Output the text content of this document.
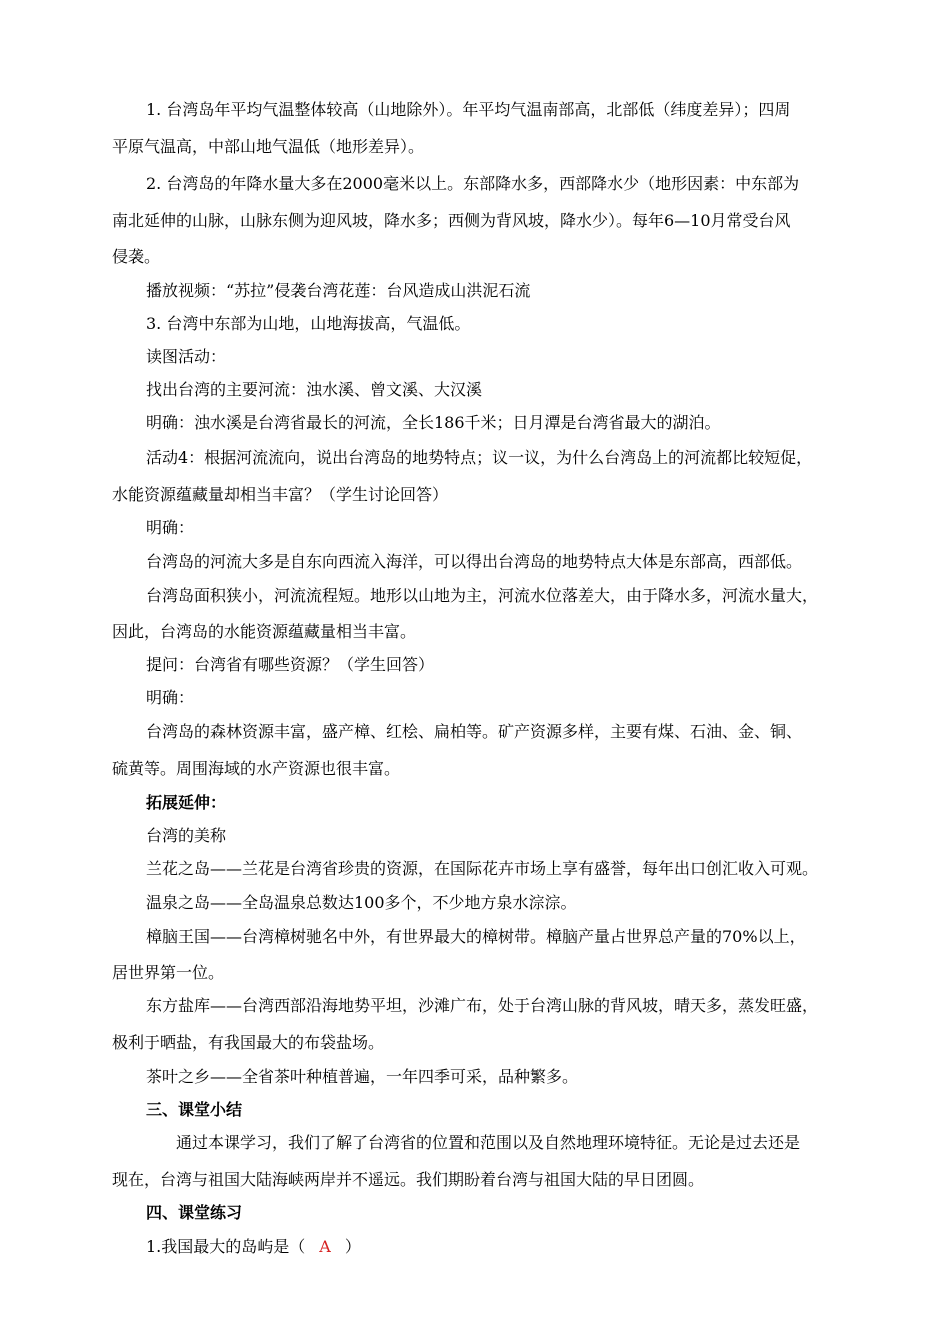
1. 台湾岛年平均气温整体较高（山地除外）。年平均气温南部高，北部低（纬度差异）；四周
平原气温高，中部山地气温低（地形差异）。
2. 台湾岛的年降水量大多在2000毫米以上。东部降水多，西部降水少（地形因素：中东部为
南北延伸的山脉，山脉东侧为迎风坡，降水多；西侧为背风坡，降水少）。每年6—10月常受台风
侵袭。
播放视频：“苏拉”侵袭台湾花莲：台风造成山洪泥石流
3. 台湾中东部为山地，山地海拔高，气温低。
读图活动：
找出台湾的主要河流：浊水溪、曾文溪、大汉溪
明确：浊水溪是台湾省最长的河流，全长186千米；日月潭是台湾省最大的湖泊。
活动4：根据河流流向，说出台湾岛的地势特点；议一议，为什么台湾岛上的河流都比较短促，
水能资源蕴藏量却相当丰富？（学生讨论回答）
明确：
台湾岛的河流大多是自东向西流入海洋，可以得出台湾岛的地势特点大体是东部高，西部低。
台湾岛面积狭小，河流流程短。地形以山地为主，河流水位落差大，由于降水多，河流水量大，
因此，台湾岛的水能资源蕴藏量相当丰富。
提问：台湾省有哪些资源？（学生回答）
明确：
台湾岛的森林资源丰富，盛产樟、红桧、扁柏等。矿产资源多样，主要有煤、石油、金、铜、
硫黄等。周围海域的水产资源也很丰富。
拓展延伸：
台湾的美称
兰花之岛——兰花是台湾省珍贵的资源，在国际花卉市场上享有盛誉，每年出口创汇收入可观。
温泉之岛——全岛温泉总数达100多个，不少地方泉水淙淙。
樟脑王国——台湾樟树驰名中外，有世界最大的樟树带。樟脑产量占世界总产量的70%以上，
居世界第一位。
东方盐库——台湾西部沿海地势平坦，沙滩广布，处于台湾山脉的背风坡，晴天多，蒸发旺盛，
极利于晒盐，有我国最大的布袋盐场。
茶叶之乡——全省茶叶种植普遍，一年四季可采，品种繁多。
三、课堂小结
通过本课学习，我们了解了台湾省的位置和范围以及自然地理环境特征。无论是过去还是
现在，台湾与祖国大陆海峡两岸并不遥远。我们期盼着台湾与祖国大陆的早日团圆。
四、课堂练习
1.我国最大的岛屿是（ A ）
